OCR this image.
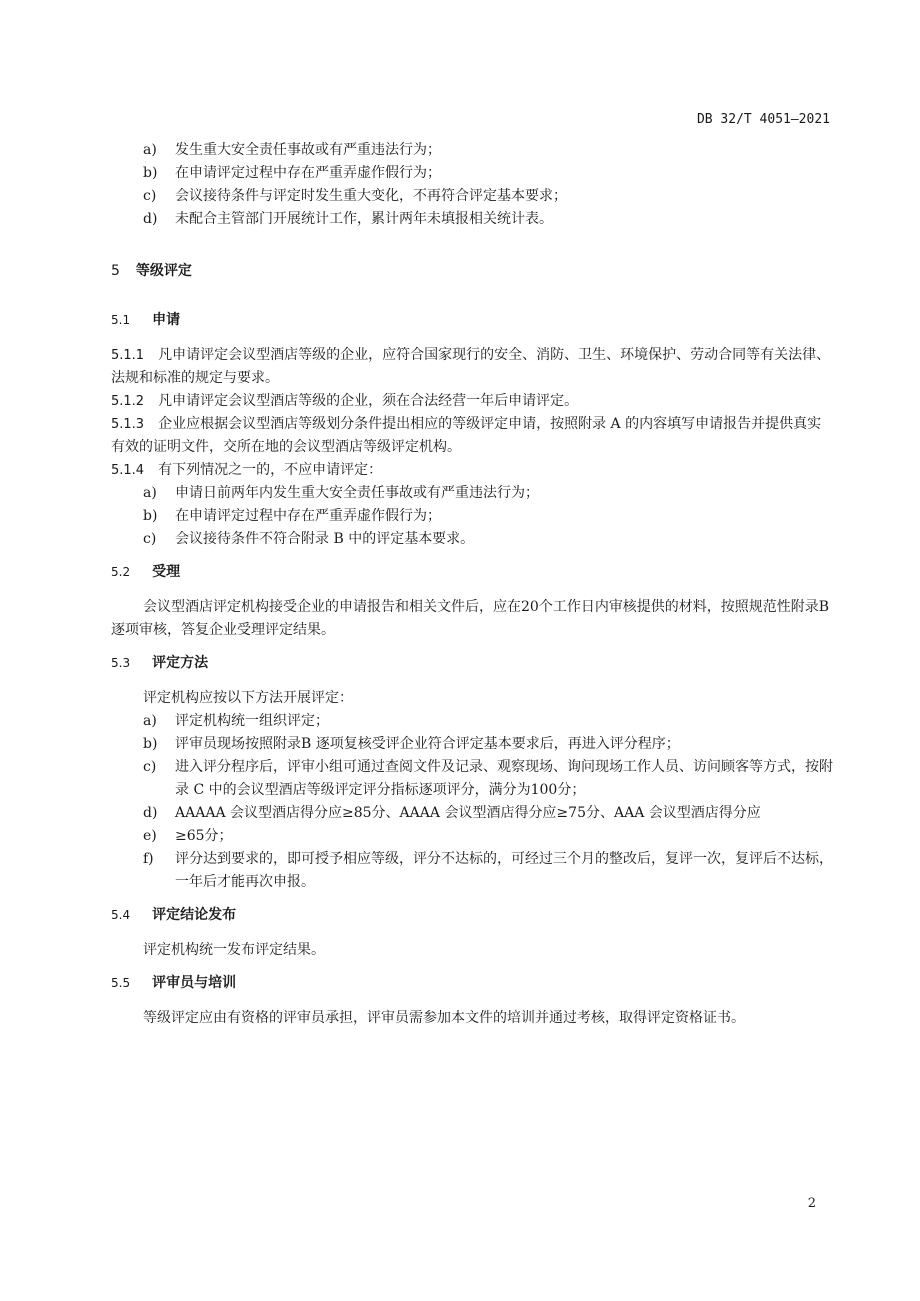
DB 32/T 4051—2021
a) 发生重大安全责任事故或有严重违法行为；
b) 在申请评定过程中存在严重弄虚作假行为；
c) 会议接待条件与评定时发生重大变化，不再符合评定基本要求；
d) 未配合主管部门开展统计工作，累计两年未填报相关统计表。
5 等级评定
5.1 申请
5.1.1 凡申请评定会议型酒店等级的企业，应符合国家现行的安全、消防、卫生、环境保护、劳动合同等有关法律、法规和标准的规定与要求。
5.1.2 凡申请评定会议型酒店等级的企业，须在合法经营一年后申请评定。
5.1.3 企业应根据会议型酒店等级划分条件提出相应的等级评定申请，按照附录 A 的内容填写申请报告并提供真实有效的证明文件，交所在地的会议型酒店等级评定机构。
5.1.4 有下列情况之一的，不应申请评定：
a) 申请日前两年内发生重大安全责任事故或有严重违法行为；
b) 在申请评定过程中存在严重弄虚作假行为；
c) 会议接待条件不符合附录 B 中的评定基本要求。
5.2 受理
会议型酒店评定机构接受企业的申请报告和相关文件后，应在20个工作日内审核提供的材料，按照规范性附录B逐项审核，答复企业受理评定结果。
5.3 评定方法
评定机构应按以下方法开展评定：
a) 评定机构统一组织评定；
b) 评审员现场按照附录B 逐项复核受评企业符合评定基本要求后，再进入评分程序；
c) 进入评分程序后，评审小组可通过查阅文件及记录、观察现场、询问现场工作人员、访问顾客等方式，按附录 C 中的会议型酒店等级评定评分指标逐项评分，满分为100分；
d) AAAAA 会议型酒店得分应≥85分、AAAA 会议型酒店得分应≥75分、AAA 会议型酒店得分应
e) ≥65分；
f) 评分达到要求的，即可授予相应等级，评分不达标的，可经过三个月的整改后，复评一次，复评后不达标，一年后才能再次申报。
5.4 评定结论发布
评定机构统一发布评定结果。
5.5 评审员与培训
等级评定应由有资格的评审员承担，评审员需参加本文件的培训并通过考核，取得评定资格证书。
2
